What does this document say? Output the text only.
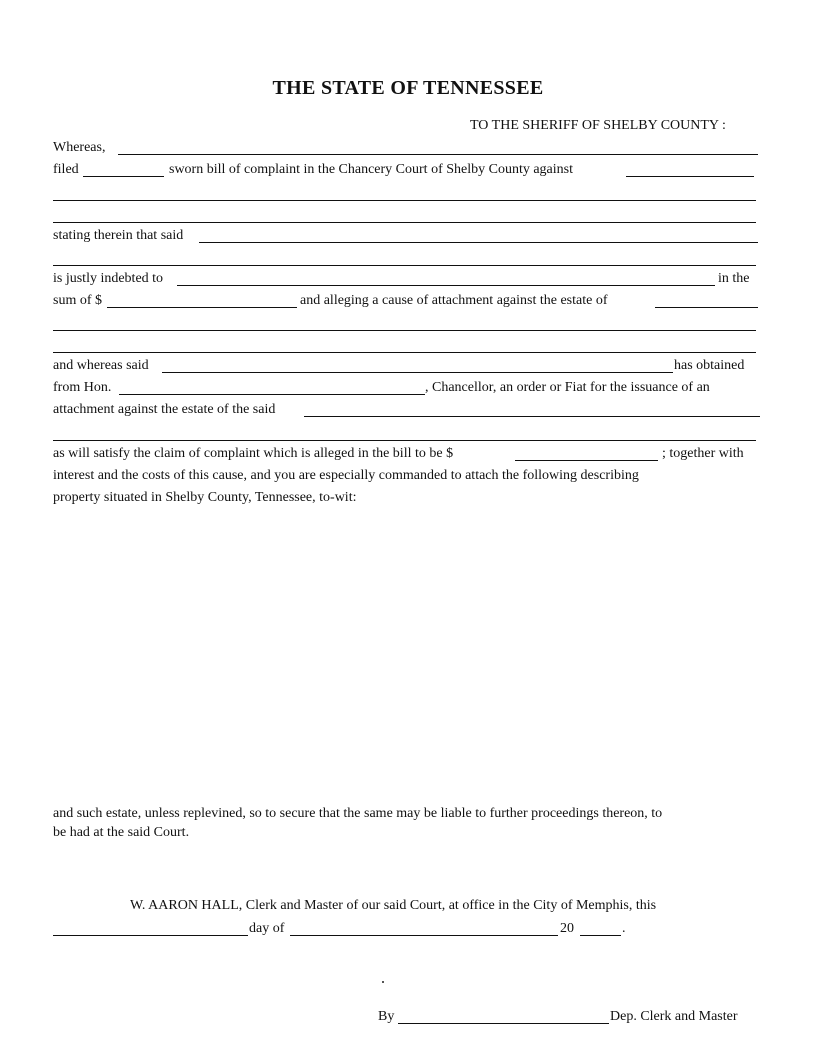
THE STATE OF TENNESSEE
TO THE SHERIFF OF SHELBY COUNTY :
Whereas,
filed	sworn bill of complaint in the Chancery Court of Shelby County against
stating therein that said
is justly indebted to	in the
sum of $	and alleging a cause of attachment against the estate of
and whereas said	has obtained
from Hon.	, Chancellor, an order or Fiat for the issuance of an
attachment against the estate of the said
as will satisfy the claim of complaint which is alleged in the bill to be $	; together with
interest and the costs of this cause, and you are especially commanded to attach the following describing
property situated in Shelby County, Tennessee, to-wit:
and such estate, unless replevined, so to secure that the same may be liable to further proceedings thereon, to
be had at the said Court.
W. AARON HALL, Clerk and Master of our said Court, at office in the City of Memphis, this
day of	20	.
By	Dep. Clerk and Master
